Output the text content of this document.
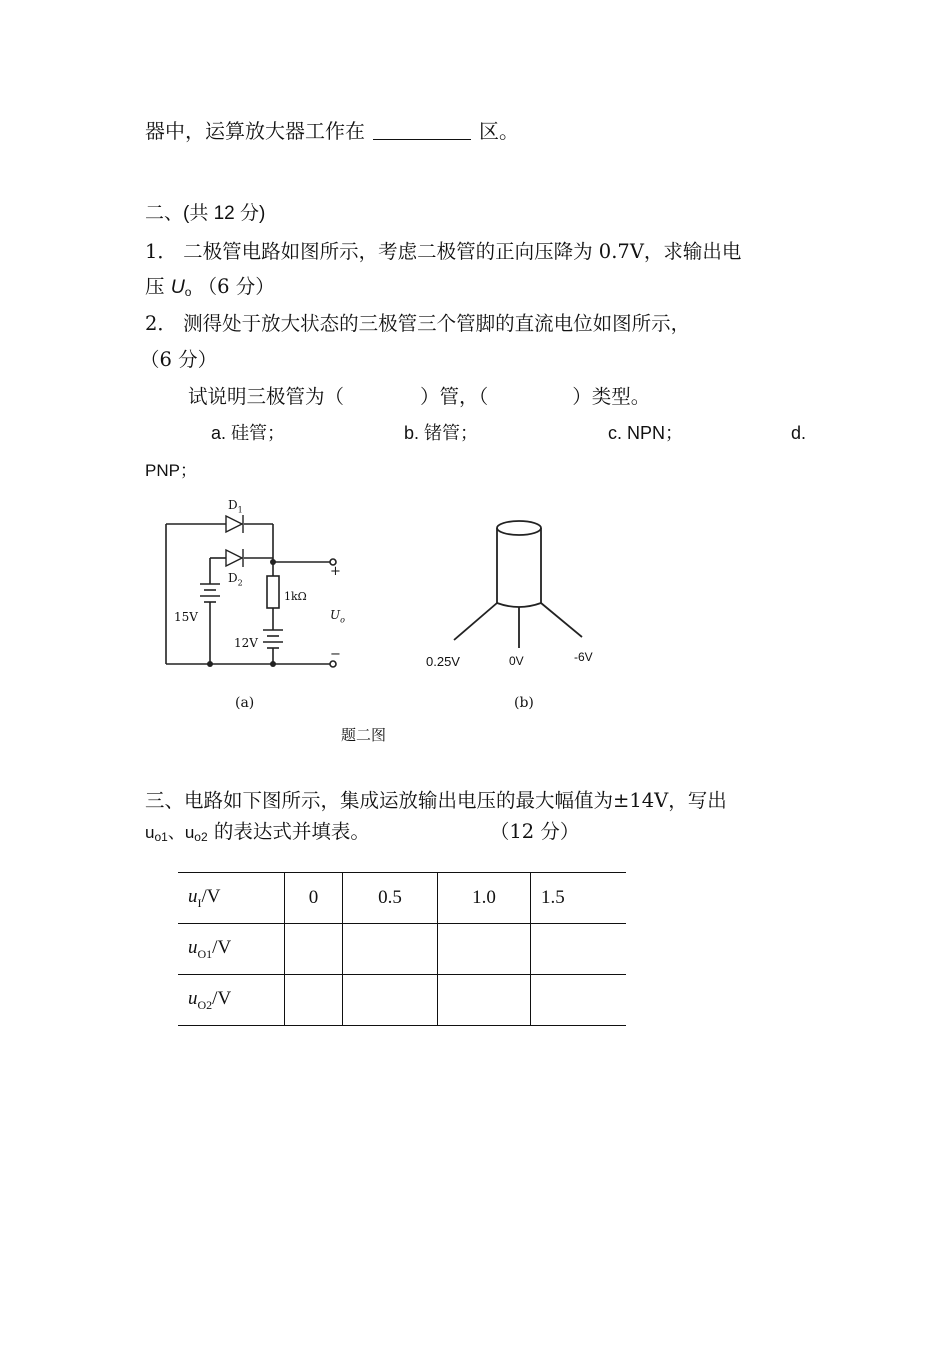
器中，运算放大器工作在	区。
二、(共 12 分)
1． 二极管电路如图所示，考虑二极管的正向压降为 0.7V，求输出电
压 Uo （6 分）
2． 测得处于放大状态的三极管三个管脚的直流电位如图所示，
（6 分）
试说明三极管为（	）管，（	）类型。
a. 硅管；	b. 锗管；	c. NPN；	d.
PNP；
$D_1$
$D_2$
1kΩ
15V
12V
$U_o$
+
−
(a)
0.25V	0V	-6V
(b)
题二图
三、电路如下图所示，集成运放输出电压的最大幅值为±14V，写出
uo1、uo2 的表达式并填表。	（12 分）
$u_I/V$	0	0.5	1.0	1.5
$u_{O1}/V$				
$u_{O2}/V$				
